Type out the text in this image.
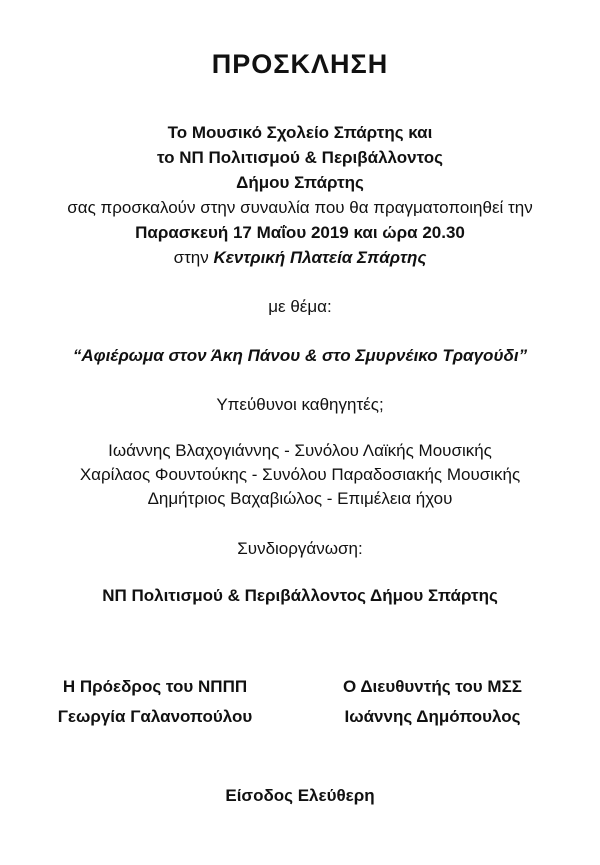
ΠΡΟΣΚΛΗΣΗ
Το Μουσικό Σχολείο Σπάρτης και
το ΝΠ Πολιτισμού & Περιβάλλοντος
Δήμου Σπάρτης
σας προσκαλούν στην συναυλία που θα πραγματοποιηθεί την
Παρασκευή 17 Μαΐου 2019 και ώρα 20.30
στην Κεντρική Πλατεία Σπάρτης
με θέμα:
“Αφιέρωμα στον Άκη Πάνου & στο Σμυρνέικο Τραγούδι”
Υπεύθυνοι καθηγητές;
Ιωάννης Βλαχογιάννης - Συνόλου Λαϊκής Μουσικής
Χαρίλαος Φουντούκης - Συνόλου Παραδοσιακής Μουσικής
Δημήτριος Βαχαβιώλος - Επιμέλεια ήχου
Συνδιοργάνωση:
ΝΠ Πολιτισμού & Περιβάλλοντος Δήμου Σπάρτης
Η Πρόεδρος του ΝΠΠΠ
Γεωργία Γαλανοπούλου
Ο Διευθυντής του ΜΣΣ
Ιωάννης Δημόπουλος
Είσοδος Ελεύθερη
